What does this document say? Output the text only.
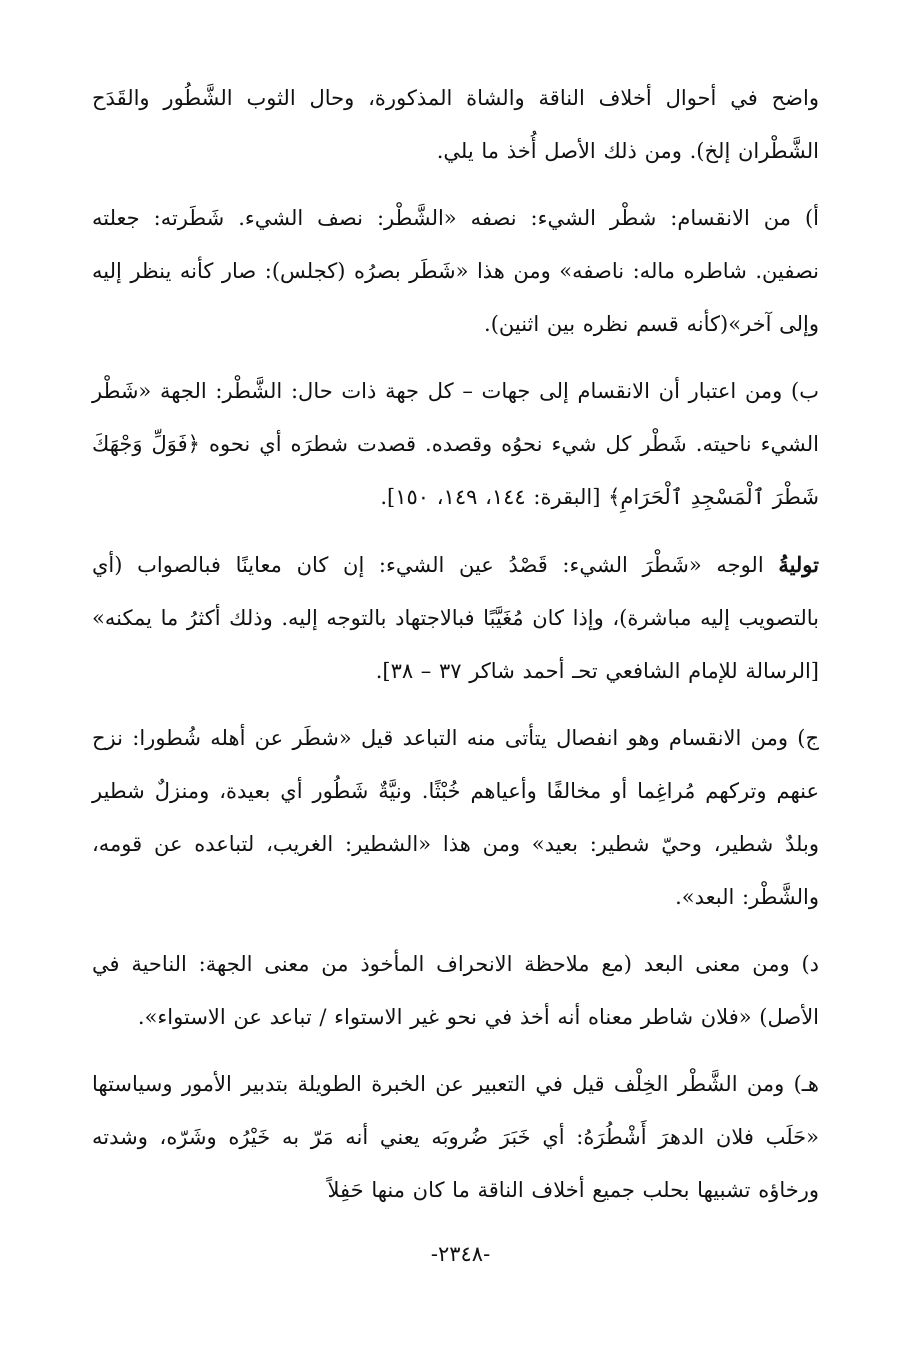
واضح في أحوال أخلاف الناقة والشاة المذكورة، وحال الثوب الشَّطُور والقَدَح الشَّطْران إلخ). ومن ذلك الأصل أُخذ ما يلي.

أ) من الانقسام: شطْر الشيء: نصفه «الشَّطْر: نصف الشيء. شَطَرته: جعلته نصفين. شاطره ماله: ناصفه» ومن هذا «شَطَر بصرُه (كجلس): صار كأنه ينظر إليه وإلى آخر»(كأنه قسم نظره بين اثنين).

ب) ومن اعتبار أن الانقسام إلى جهات – كل جهة ذات حال: الشَّطْر: الجهة «شَطْر الشيء ناحيته. شَطْر كل شيء نحوُه وقصده. قصدت شطرَه أي نحوه ﴿فَوَلِّ وَجْهَكَ شَطْرَ ٱلْمَسْجِدِ ٱلْحَرَامِ﴾ [البقرة: ١٤٤، ١٤٩، ١٥٠].

توليةُ الوجه «شَطْرَ الشيء: قَصْدُ عين الشيء: إن كان معاينًا فبالصواب (أي بالتصويب إليه مباشرة)، وإذا كان مُغَيَّبًا فبالاجتهاد بالتوجه إليه. وذلك أكثرُ ما يمكنه» [الرسالة للإمام الشافعي تحـ أحمد شاكر ٣٧ – ٣٨].

ج) ومن الانقسام وهو انفصال يتأتى منه التباعد قيل «شطَر عن أهله شُطورا: نزح عنهم وتركهم مُراغِما أو مخالفًا وأعياهم خُبْثًا. ونيَّةٌ شَطُور أي بعيدة، ومنزلٌ شطير وبلدٌ شطير، وحيّ شطير: بعيد» ومن هذا «الشطير: الغريب، لتباعده عن قومه، والشَّطْر: البعد».

د) ومن معنى البعد (مع ملاحظة الانحراف المأخوذ من معنى الجهة: الناحية في الأصل) «فلان شاطر معناه أنه أخذ في نحو غير الاستواء / تباعد عن الاستواء».

هـ) ومن الشَّطْر الخِلْف قيل في التعبير عن الخبرة الطويلة بتدبير الأمور وسياستها «حَلَب فلان الدهرَ أَشْطُرَهُ: أي خَبَرَ ضُروبَه يعني أنه مَرّ به خَيْرُه وشَرّه، وشدته ورخاؤه تشبيها بحلب جميع أخلاف الناقة ما كان منها حَفِلاً

-٢٣٤٨-
